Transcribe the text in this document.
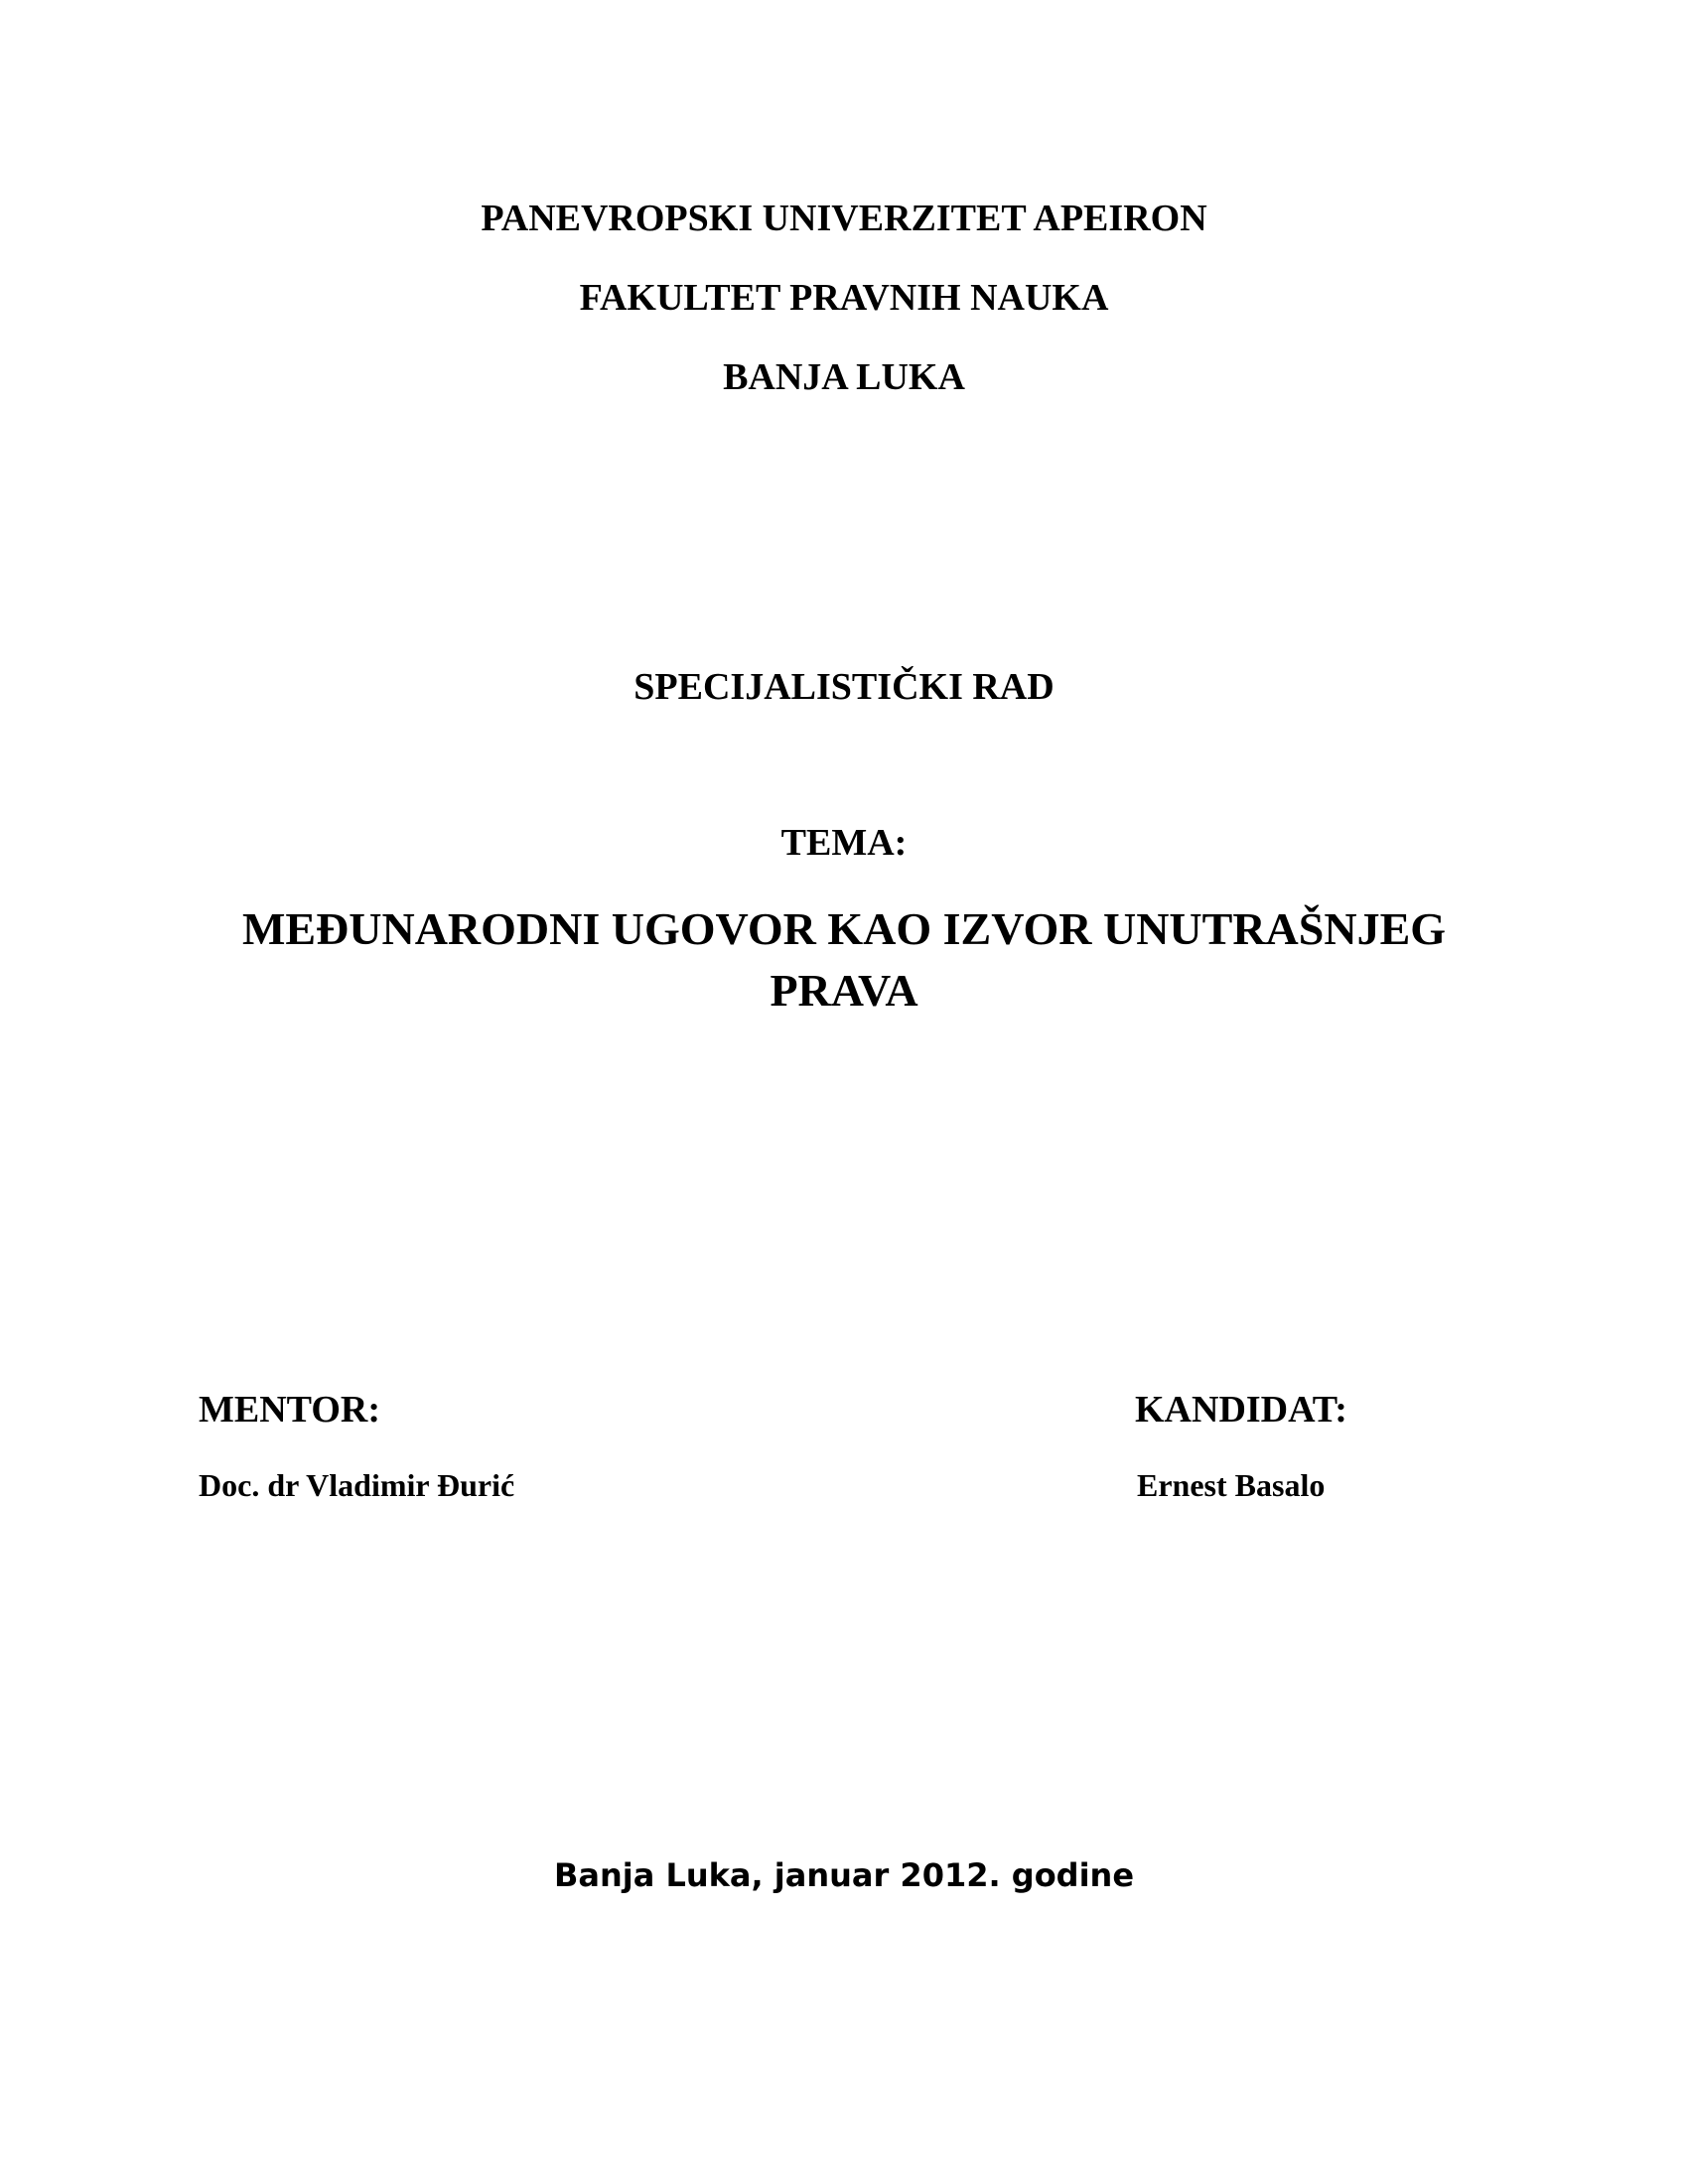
PANEVROPSKI UNIVERZITET APEIRON
FAKULTET PRAVNIH NAUKA
BANJA LUKA
SPECIJALISTIČKI RAD
TEMA:
MEĐUNARODNI UGOVOR KAO IZVOR UNUTRAŠNJEG
PRAVA
MENTOR:
Doc. dr Vladimir Đurić
KANDIDAT:
Ernest Basalo
Banja Luka, januar 2012. godine
